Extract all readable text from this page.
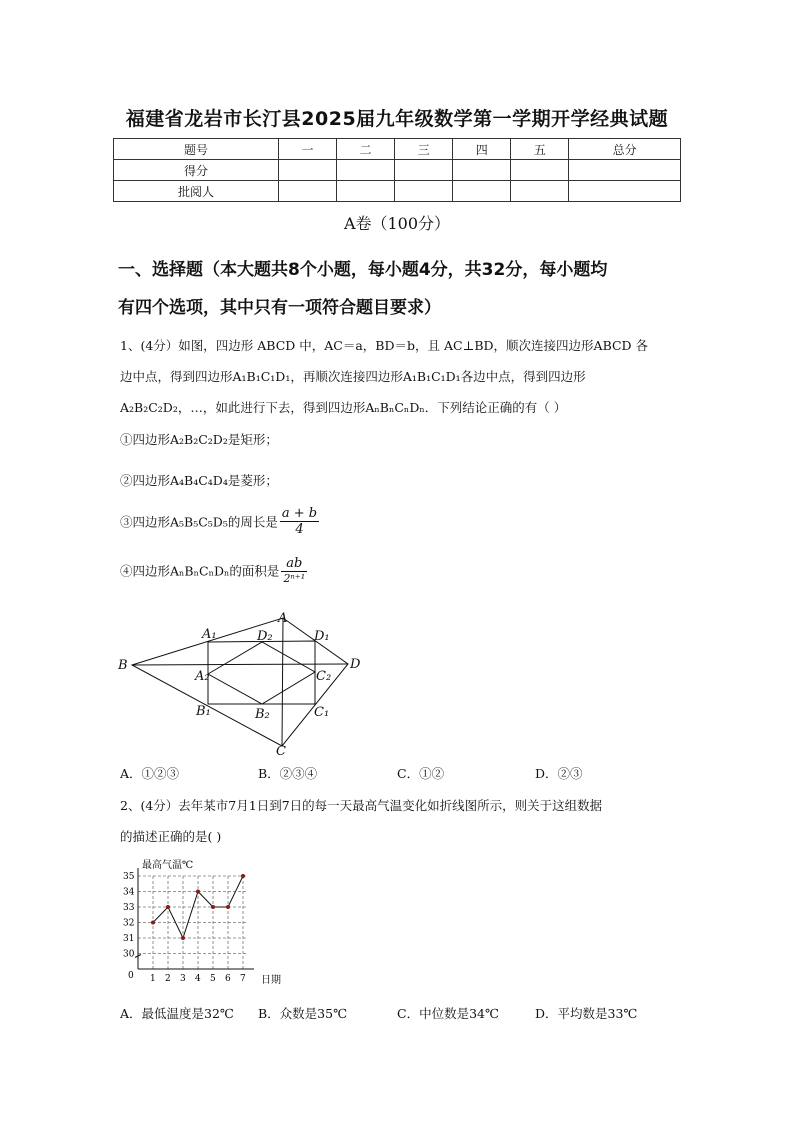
福建省龙岩市长汀县2025届九年级数学第一学期开学经典试题
题号	一	二	三	四	五	总分
得分						
批阅人						
A卷（100分）
一、选择题（本大题共8个小题，每小题4分，共32分，每小题均
有四个选项，其中只有一项符合题目要求）
1、(4分）如图，四边形 ABCD 中，AC＝a，BD＝b，且 AC⊥BD，顺次连接四边形ABCD 各
边中点，得到四边形A₁B₁C₁D₁，再顺次连接四边形A₁B₁C₁D₁各边中点，得到四边形
A₂B₂C₂D₂，…，如此进行下去，得到四边形AₙBₙCₙDₙ．下列结论正确的有（ ）
①四边形A₂B₂C₂D₂是矩形；
②四边形A₄B₄C₄D₄是菱形；
③四边形A₅B₅C₅D₅的周长是 $\frac{a + b}{4}$
④四边形AₙBₙCₙDₙ的面积是 $\frac{ab}{\text{2ⁿ⁺¹}}$
A
B
C
D
A₁
B₁	C₁
D₁
A₂
B₂
C₂
D₂
A．①②③	B．②③④	C．①②	D．②③
2、(4分）去年某市7月1日到7日的每一天最高气温变化如折线图所示，则关于这组数据
的描述正确的是( )
最高气温℃
日期
0
30
31
32
33
34
35
1 2 3 4 5 6 7
A．最低温度是32℃ B．众数是35℃	C．中位数是34℃	D．平均数是33℃
